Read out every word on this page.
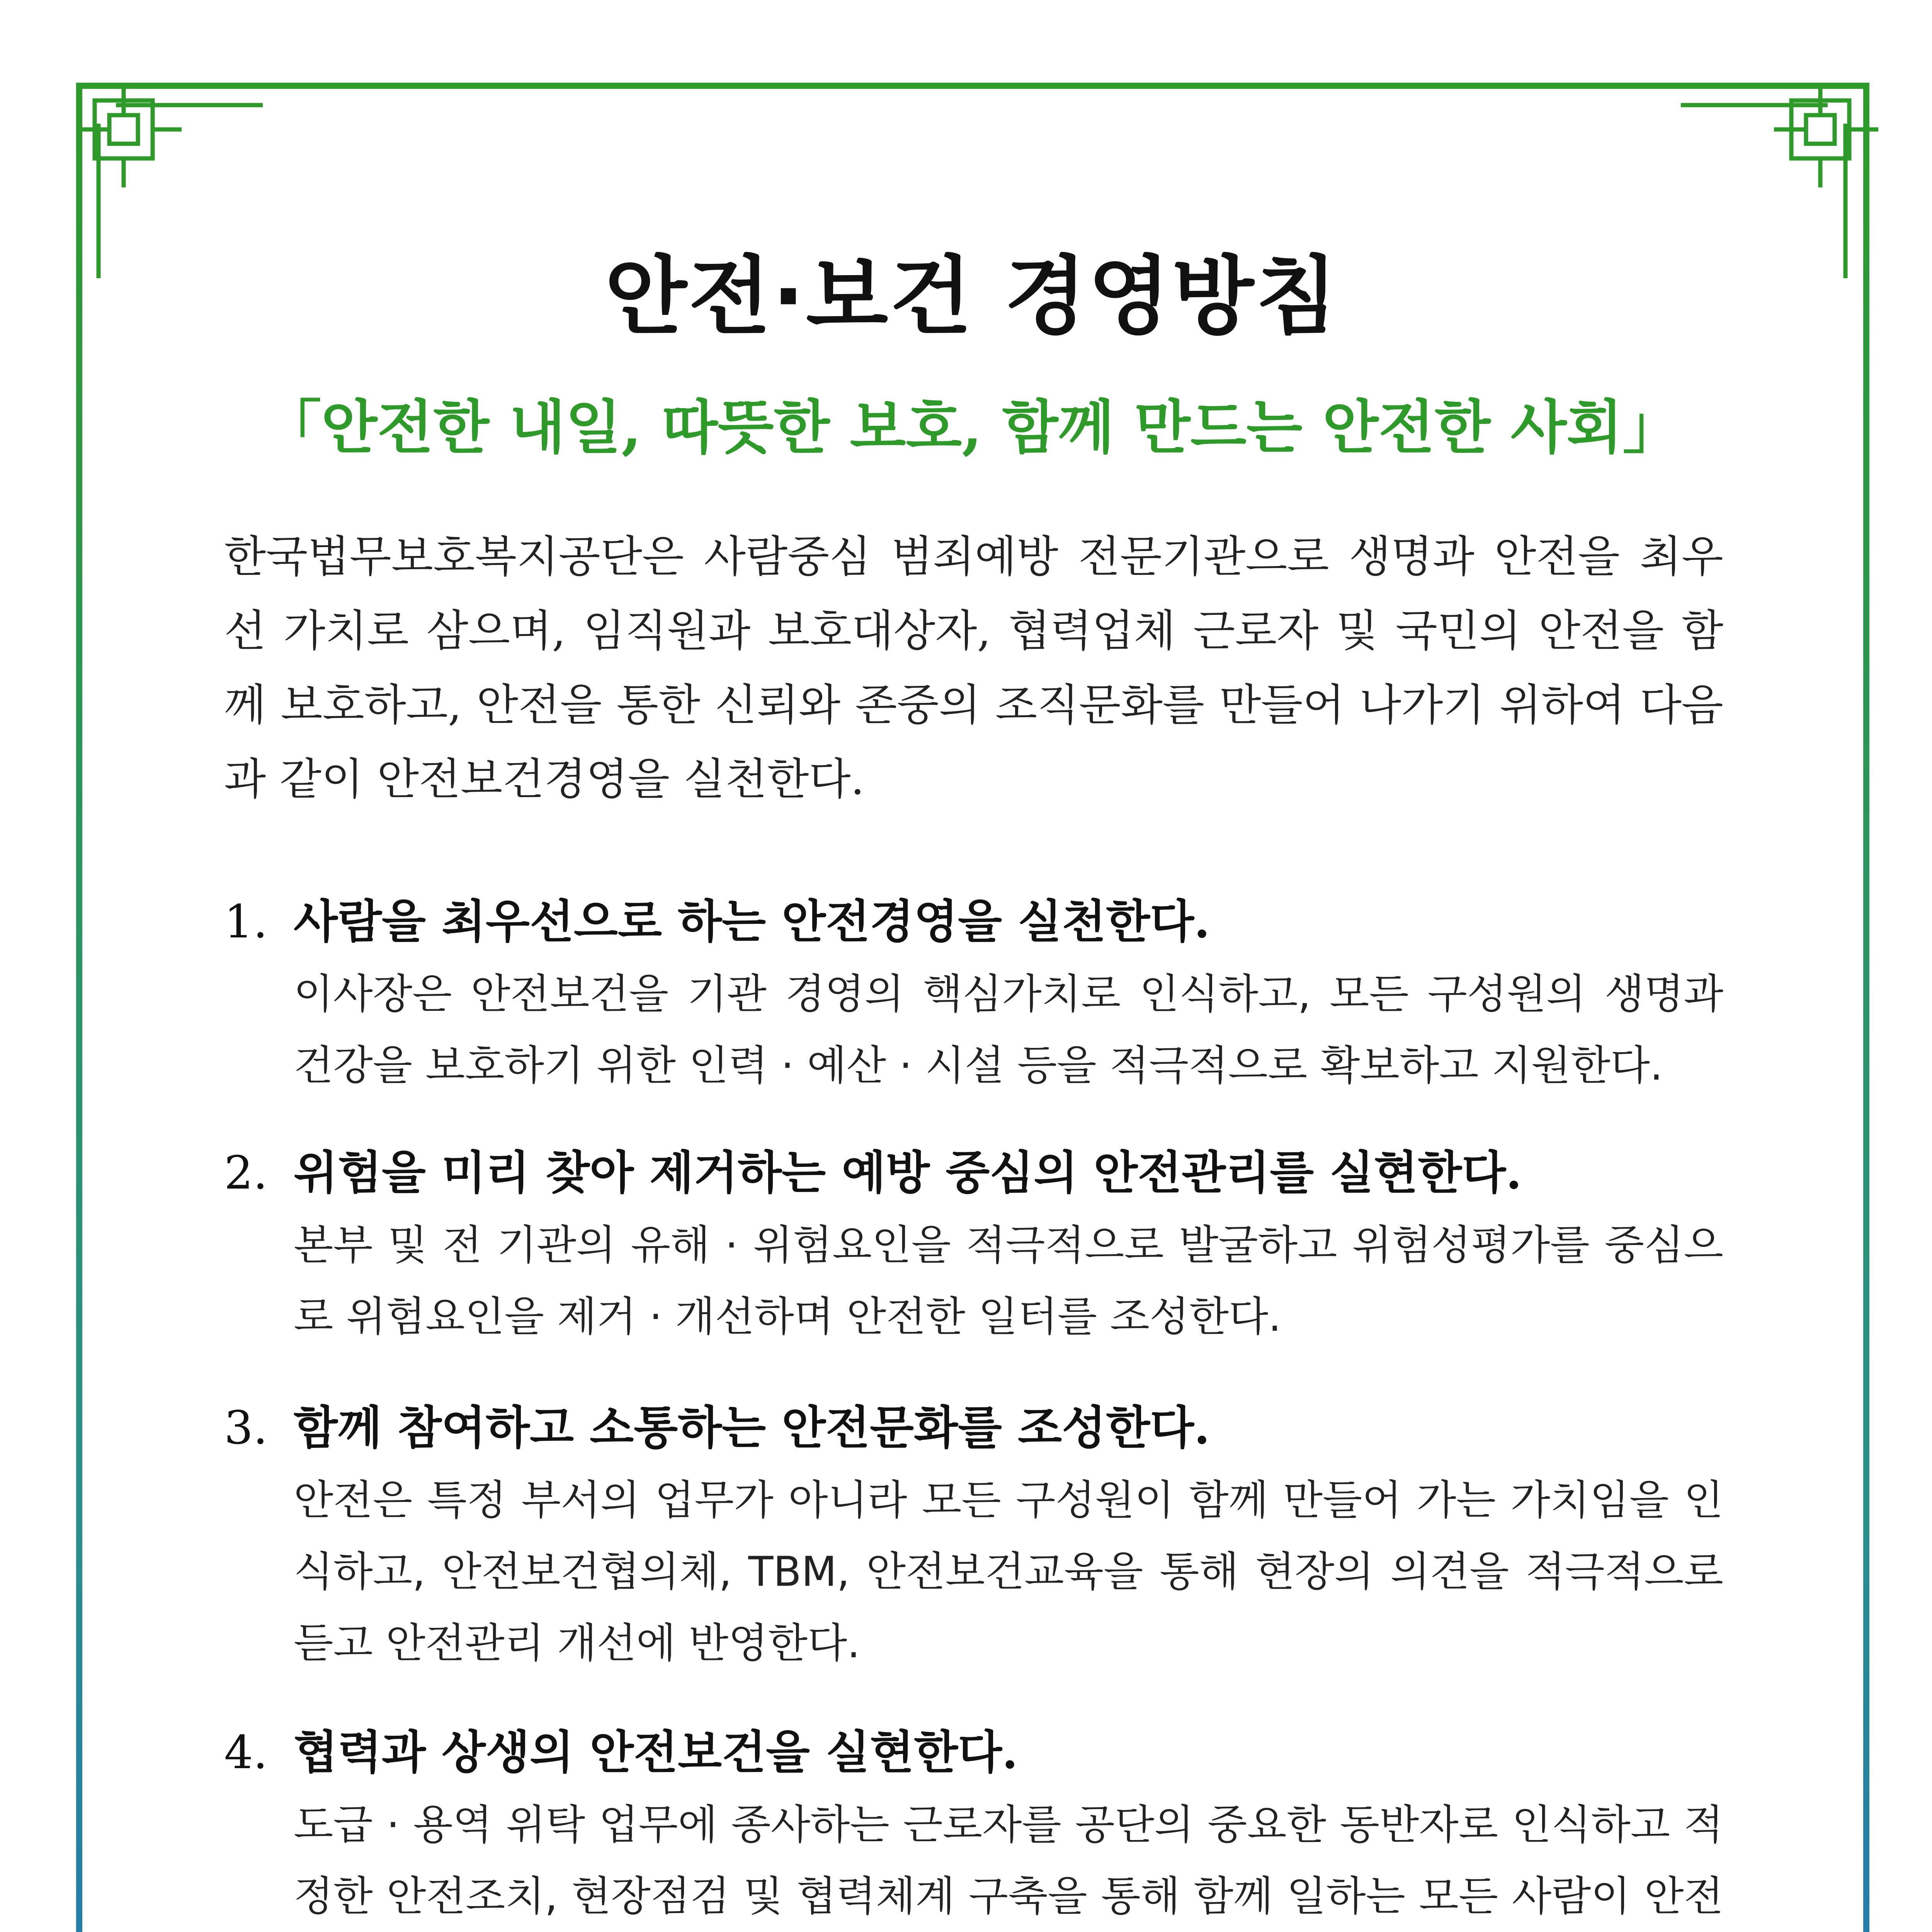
안전·보건 경영방침
「안전한 내일, 따뜻한 보호, 함께 만드는 안전한 사회」
한국법무보호복지공단은 사람중심 범죄예방 전문기관으로 생명과 안전을 최우선 가치로 삼으며, 임직원과 보호대상자, 협력업체 근로자 및 국민의 안전을 함께 보호하고, 안전을 통한 신뢰와 존중의 조직문화를 만들어 나가기 위하여 다음과 같이 안전보건경영을 실천한다.
1. 사람을 최우선으로 하는 안전경영을 실천한다.
이사장은 안전보건을 기관 경영의 핵심가치로 인식하고, 모든 구성원의 생명과 건강을 보호하기 위한 인력 · 예산 · 시설 등을 적극적으로 확보하고 지원한다.
2. 위험을 미리 찾아 제거하는 예방 중심의 안전관리를 실현한다.
본부 및 전 기관의 유해 · 위험요인을 적극적으로 발굴하고 위험성평가를 중심으로 위험요인을 제거 · 개선하며 안전한 일터를 조성한다.
3. 함께 참여하고 소통하는 안전문화를 조성한다.
안전은 특정 부서의 업무가 아니라 모든 구성원이 함께 만들어 가는 가치임을 인식하고, 안전보건협의체, TBM, 안전보건교육을 통해 현장의 의견을 적극적으로 듣고 안전관리 개선에 반영한다.
4. 협력과 상생의 안전보건을 실현한다.
도급 · 용역 위탁 업무에 종사하는 근로자를 공단의 중요한 동반자로 인식하고 적정한 안전조치, 현장점검 및 협력체계 구축을 통해 함께 일하는 모든 사람이 안전
